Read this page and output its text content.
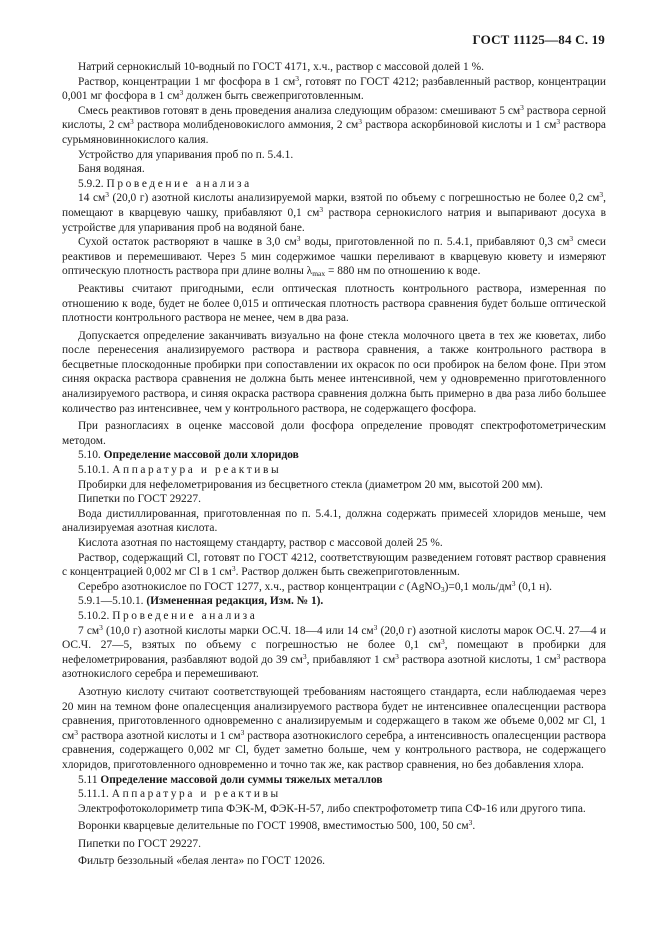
ГОСТ 11125—84 С. 19

Натрий сернокислый 10-водный по ГОСТ 4171, х.ч., раствор с массовой долей 1 %.

Раствор, концентрации 1 мг фосфора в 1 $см^3$, готовят по ГОСТ 4212; разбавленный раствор, концентрации 0,001 мг фосфора в 1 $см^3$ должен быть свежеприготовленным.

Смесь реактивов готовят в день проведения анализа следующим образом: смешивают 5 $см^3$ раствора серной кислоты, 2 $см^3$ раствора молибденовокислого аммония, 2 $см^3$ раствора аскорбиновой кислоты и 1 $см^3$ раствора сурьмяновиннокислого калия.

Устройство для упаривания проб по п. 5.4.1.

Баня водяная.

5.9.2. Проведение анализа

14 $см^3$ (20,0 г) азотной кислоты анализируемой марки, взятой по объему с погрешностью не более 0,2 $см^3$, помещают в кварцевую чашку, прибавляют 0,1 $см^3$ раствора сернокислого натрия и выпаривают досуха в устройстве для упаривания проб на водяной бане.

Сухой остаток растворяют в чашке в 3,0 $см^3$ воды, приготовленной по п. 5.4.1, прибавляют 0,3 $см^3$ смеси реактивов и перемешивают. Через 5 мин содержимое чашки переливают в кварцевую кювету и измеряют оптическую плотность раствора при длине волны $\lambda_{max} = 880$ нм по отношению к воде.

Реактивы считают пригодными, если оптическая плотность контрольного раствора, измеренная по отношению к воде, будет не более 0,015 и оптическая плотность раствора сравнения будет больше оптической плотности контрольного раствора не менее, чем в два раза.

Допускается определение заканчивать визуально на фоне стекла молочного цвета в тех же кюветах, либо после перенесения анализируемого раствора и раствора сравнения, а также контрольного раствора в бесцветные плоскодонные пробирки при сопоставлении их окрасок по оси пробирок на белом фоне. При этом синяя окраска раствора сравнения не должна быть менее интенсивной, чем у одновременно приготовленного анализируемого раствора, и синяя окраска раствора сравнения должна быть примерно в два раза либо большее количество раз интенсивнее, чем у контрольного раствора, не содержащего фосфора.

При разногласиях в оценке массовой доли фосфора определение проводят спектрофотометрическим методом.

5.10. Определение массовой доли хлоридов

5.10.1. Аппаратура и реактивы

Пробирки для нефелометрирования из бесцветного стекла (диаметром 20 мм, высотой 200 мм).

Пипетки по ГОСТ 29227.

Вода дистиллированная, приготовленная по п. 5.4.1, должна содержать примесей хлоридов меньше, чем анализируемая азотная кислота.

Кислота азотная по настоящему стандарту, раствор с массовой долей 25 %.

Раствор, содержащий Cl, готовят по ГОСТ 4212, соответствующим разведением готовят раствор сравнения с концентрацией 0,002 мг Cl в 1 $см^3$. Раствор должен быть свежеприготовленным.

Серебро азотнокислое по ГОСТ 1277, х.ч., раствор концентрации c (AgNO$_3$)=0,1 моль/$дм^3$ (0,1 н).

5.9.1—5.10.1. (Измененная редакция, Изм. № 1).

5.10.2. Проведение анализа

7 $см^3$ (10,0 г) азотной кислоты марки ОС.Ч. 18—4 или 14 $см^3$ (20,0 г) азотной кислоты марок ОС.Ч. 27—4 и ОС.Ч. 27—5, взятых по объему с погрешностью не более 0,1 $см^3$, помещают в пробирки для нефелометрирования, разбавляют водой до 39 $см^3$, прибавляют 1 $см^3$ раствора азотной кислоты, 1 $см^3$ раствора азотнокислого серебра и перемешивают.

Азотную кислоту считают соответствующей требованиям настоящего стандарта, если наблюдаемая через 20 мин на темном фоне опалесценция анализируемого раствора будет не интенсивнее опалесценции раствора сравнения, приготовленного одновременно с анализируемым и содержащего в таком же объеме 0,002 мг Cl, 1 $см^3$ раствора азотной кислоты и 1 $см^3$ раствора азотнокислого серебра, а интенсивность опалесценции раствора сравнения, содержащего 0,002 мг Cl, будет заметно больше, чем у контрольного раствора, не содержащего хлоридов, приготовленного одновременно и точно так же, как раствор сравнения, но без добавления хлора.

5.11 Определение массовой доли суммы тяжелых металлов

5.11.1. Аппаратура и реактивы

Электрофотоколориметр типа ФЭК-М, ФЭК-Н-57, либо спектрофотометр типа СФ-16 или другого типа.

Воронки кварцевые делительные по ГОСТ 19908, вместимостью 500, 100, 50 $см^3$.

Пипетки по ГОСТ 29227.

Фильтр беззольный «белая лента» по ГОСТ 12026.
